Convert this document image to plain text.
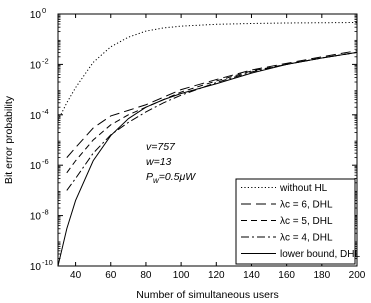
40 60 80 100 120 140 160 180 200
10 -10
10 -8
10 -6
10 -4
10 -2
10 0
Number of simultaneous users
Bit error probability	v=757
w=13
$P_w=0.5\mu W$
without HL
λc = 6, DHL
λc = 5, DHL
λc = 4, DHL
lower bound, DHL
